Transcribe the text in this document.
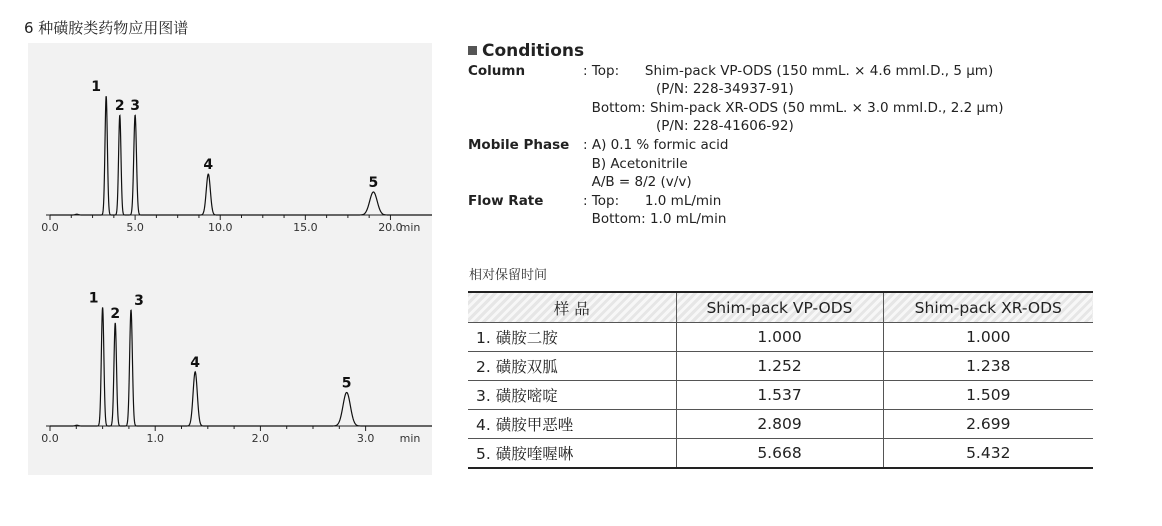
6 种磺胺类药物应用图谱
0.0	5.0	10.0	15.0	20.0
min
1
2 3
4
5
0.0	1.0	2.0	3.0 min
1
2
3
4
5
Conditions
Column	: Top:      Shim-pack VP-ODS (150 mmL. × 4.6 mmI.D., 5 μm)
(P/N: 228-34937-91)
Bottom: Shim-pack XR-ODS (50 mmL. × 3.0 mmI.D., 2.2 μm)
(P/N: 228-41606-92)
Mobile Phase	: A) 0.1 % formic acid
B) Acetonitrile
A/B = 8/2 (v/v)
Flow Rate	: Top:      1.0 mL/min
Bottom: 1.0 mL/min
相对保留时间
样 品	Shim-pack VP-ODS	Shim-pack XR-ODS
1. 磺胺二胺	1.000	1.000
2. 磺胺双胍	1.252	1.238
3. 磺胺嘧啶	1.537	1.509
4. 磺胺甲恶唑	2.809	2.699
5. 磺胺喹喔啉	5.668	5.432
